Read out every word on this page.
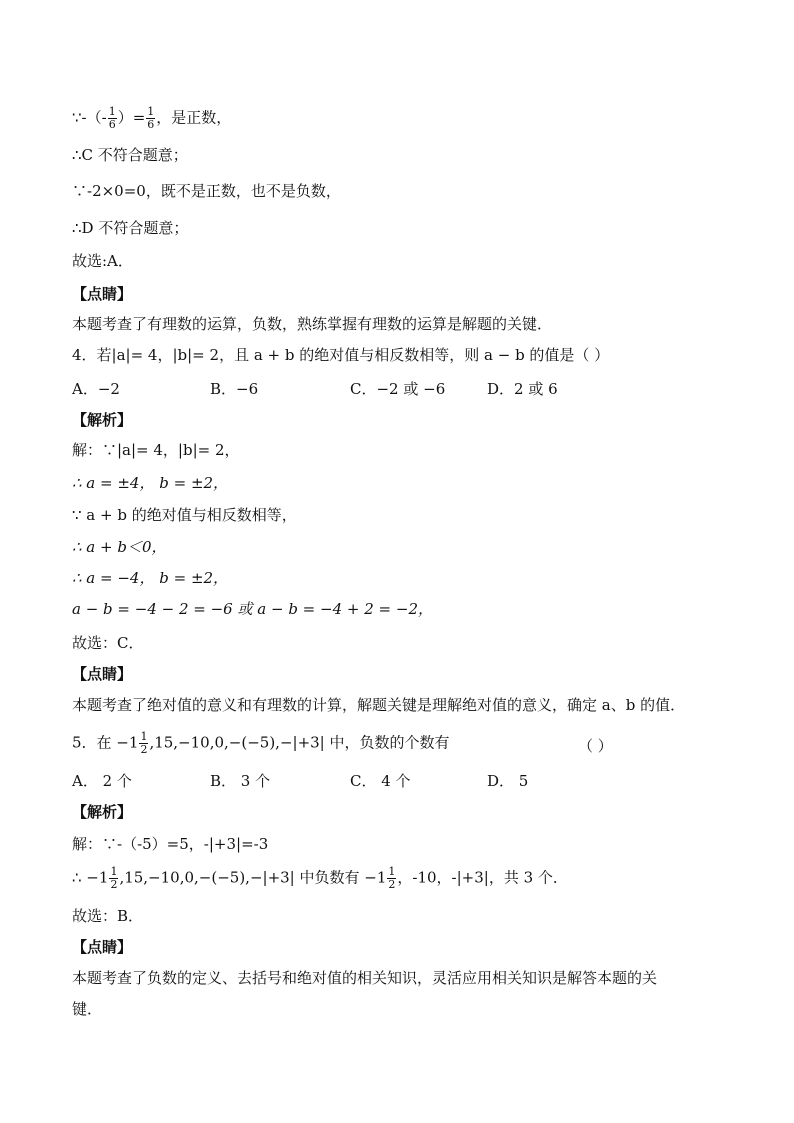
∵-（- $\frac{1}{6}$ ）= $\frac{1}{6}$ ，是正数，
∴C 不符合题意；
∵-2×0=0，既不是正数，也不是负数，
∴D 不符合题意；
故选:A．
【点睛】
本题考查了有理数的运算，负数，熟练掌握有理数的运算是解题的关键．
4．若|a|= 4，|b|= 2，且 a + b 的绝对值与相反数相等，则 a − b 的值是（ ）
A．−2	B．−6	C．−2 或 −6	D．2 或 6
【解析】
解：∵|a|= 4，|b|= 2，
∴ a = ±4， b = ±2，
∵ a + b 的绝对值与相反数相等，
∴ a + b＜0，
∴ a = −4， b = ±2，
a − b = −4 − 2 = −6 或 a − b = −4 + 2 = −2，
故选：C．
【点睛】
本题考查了绝对值的意义和有理数的计算，解题关键是理解绝对值的意义，确定 a、b 的值．
5．在 $-1 \frac{1}{2} ,15,-10,0,-(-5),-|+3|$ 中，负数的个数有	（ ）
A． 2 个	B． 3 个	C． 4 个	D． 5
【解析】
解：∵-（-5）=5，-|+3|=-3
∴ $-1 \frac{1}{2} ,15,-10,0,-(-5),-|+3|$ 中负数有 $-1 \frac{1}{2}$ ，-10，-|+3|，共 3 个．
故选：B．
【点睛】
本题考查了负数的定义、去括号和绝对值的相关知识，灵活应用相关知识是解答本题的关
键．
